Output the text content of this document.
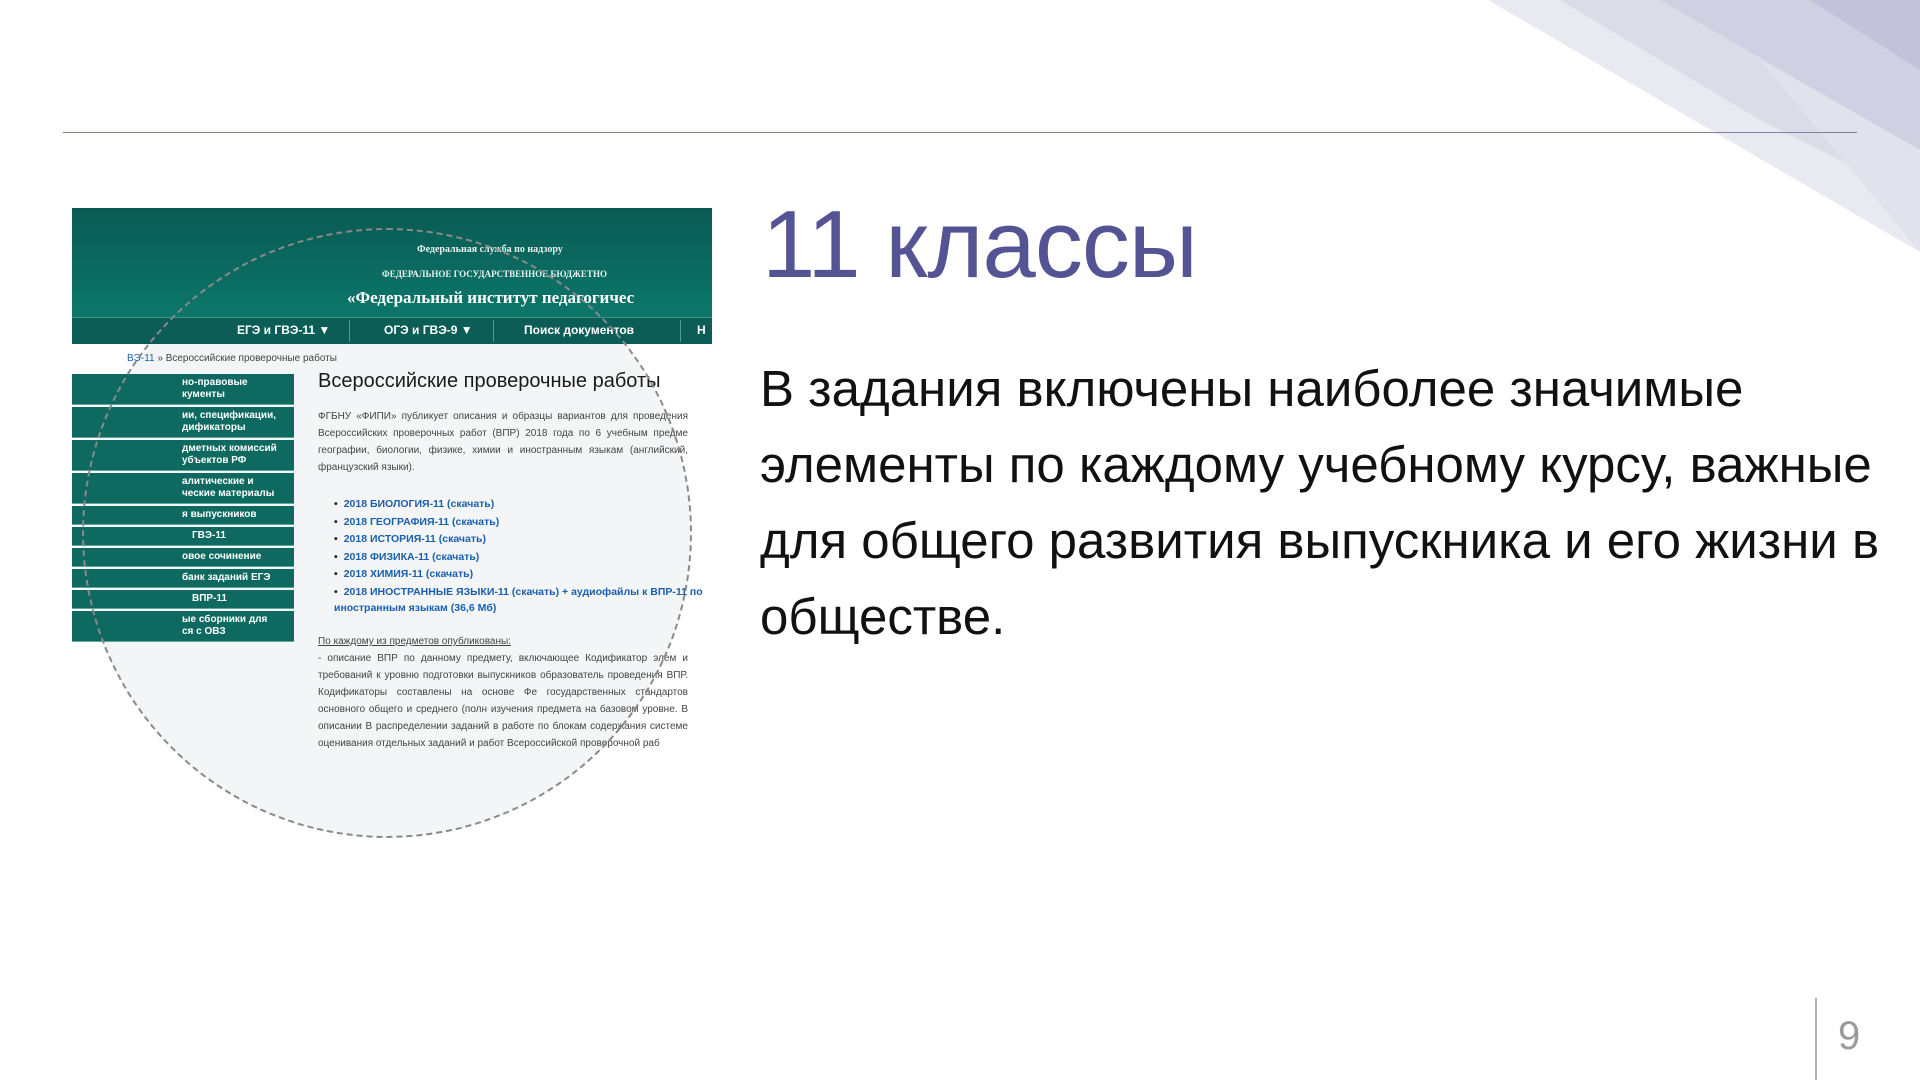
11 классы

В задания включены наиболее значимые элементы по каждому учебному курсу, важные для общего развития выпускника и его жизни в обществе.

9
Федеральная служба по надзору
ФЕДЕРАЛЬНОЕ ГОСУДАРСТВЕННОЕ БЮДЖЕТНО
«Федеральный институт педагогичес
ЕГЭ и ГВЭ-11 ▼	ОГЭ и ГВЭ-9 ▼	Поиск документов	Н
ВЭ-11 » Всероссийские проверочные работы
но-правовые
кументы
ии, спецификации,
дификаторы
дметных комиссий
убъектов РФ
алитические и
ческие материалы
я выпускников
ГВЭ-11
овое сочинение
банк заданий ЕГЭ
ВПР-11
ые сборники для
ся с ОВЗ
Всероссийские проверочные работы
ФГБНУ «ФИПИ» публикует описания и образцы вариантов для проведения Всероссийских проверочных работ (ВПР) 2018 года по 6 учебным предме географии, биологии, физике, химии и иностранным языкам (английский, французский языки).
• 2018 БИОЛОГИЯ-11 (скачать)
• 2018 ГЕОГРАФИЯ-11 (скачать)
• 2018 ИСТОРИЯ-11 (скачать)
• 2018 ФИЗИКА-11 (скачать)
• 2018 ХИМИЯ-11 (скачать)
• 2018 ИНОСТРАННЫЕ ЯЗЫКИ-11 (скачать) + аудиофайлы к ВПР-11 по
иностранным языкам (36,6 Мб)
По каждому из предметов опубликованы:
- описание ВПР по данному предмету, включающее Кодификатор элем и требований к уровню подготовки выпускников образователь проведения ВПР. Кодификаторы составлены на основе Фе государственных стандартов основного общего и среднего (полн изучения предмета на базовом уровне. В описании В распределении заданий в работе по блокам содержания системе оценивания отдельных заданий и работ Всероссийской проверочной раб
